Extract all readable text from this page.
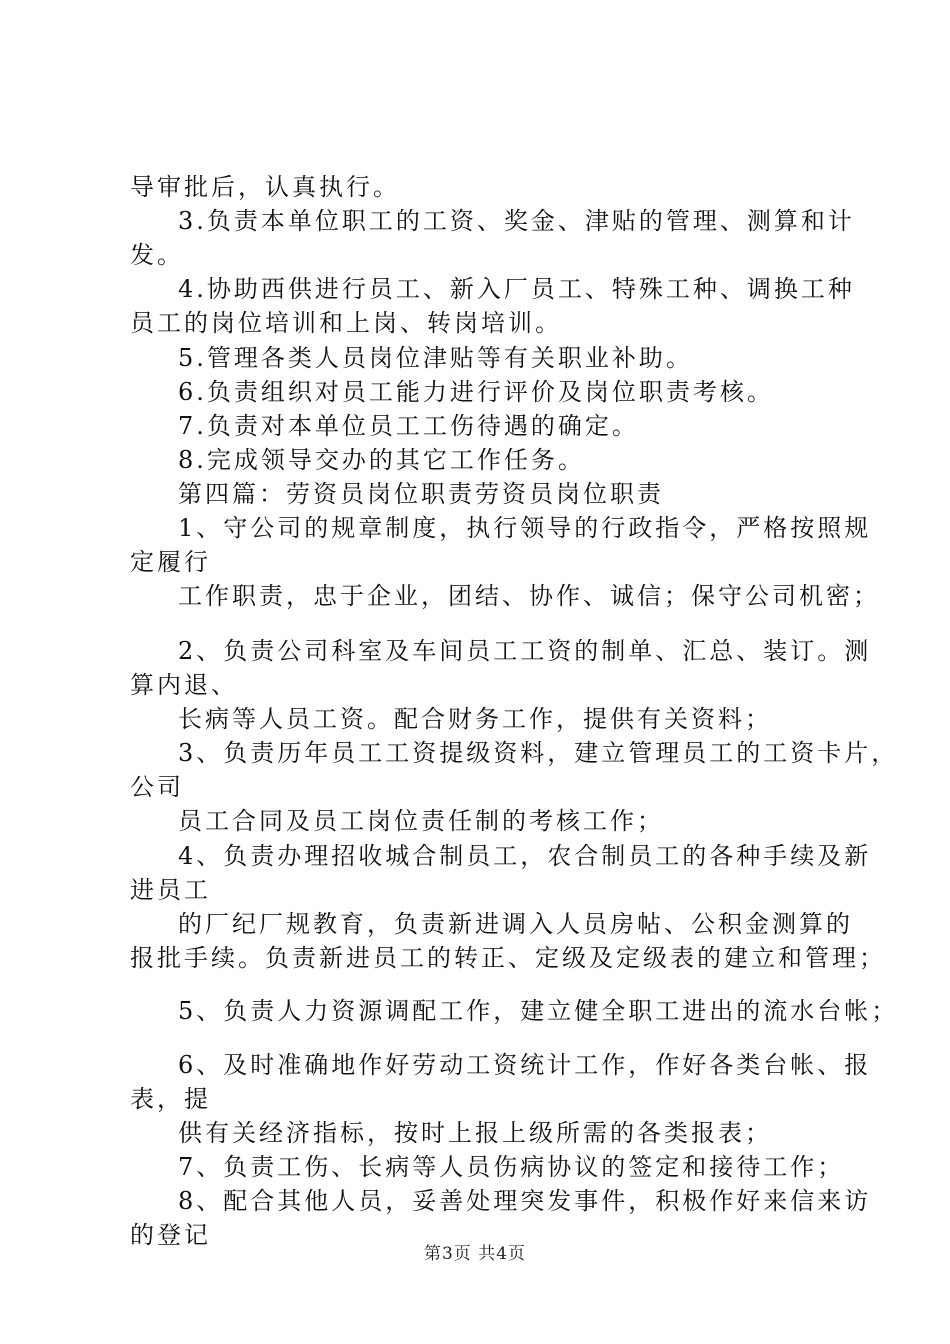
导审批后，认真执行。
3.负责本单位职工的工资、奖金、津贴的管理、测算和计
发。
4.协助西供进行员工、新入厂员工、特殊工种、调换工种
员工的岗位培训和上岗、转岗培训。
5.管理各类人员岗位津贴等有关职业补助。
6.负责组织对员工能力进行评价及岗位职责考核。
7.负责对本单位员工工伤待遇的确定。
8.完成领导交办的其它工作任务。
第四篇：劳资员岗位职责劳资员岗位职责
1、守公司的规章制度，执行领导的行政指令，严格按照规
定履行
工作职责，忠于企业，团结、协作、诚信；保守公司机密；
2、负责公司科室及车间员工工资的制单、汇总、装订。测
算内退、
长病等人员工资。配合财务工作，提供有关资料；
3、负责历年员工工资提级资料，建立管理员工的工资卡片，
公司
员工合同及员工岗位责任制的考核工作；
4、负责办理招收城合制员工，农合制员工的各种手续及新
进员工
的厂纪厂规教育，负责新进调入人员房帖、公积金测算的
报批手续。负责新进员工的转正、定级及定级表的建立和管理；
5、负责人力资源调配工作，建立健全职工进出的流水台帐；
6、及时准确地作好劳动工资统计工作，作好各类台帐、报
表，提
供有关经济指标，按时上报上级所需的各类报表；
7、负责工伤、长病等人员伤病协议的签定和接待工作；
8、配合其他人员，妥善处理突发事件，积极作好来信来访
的登记
第3页 共4页
